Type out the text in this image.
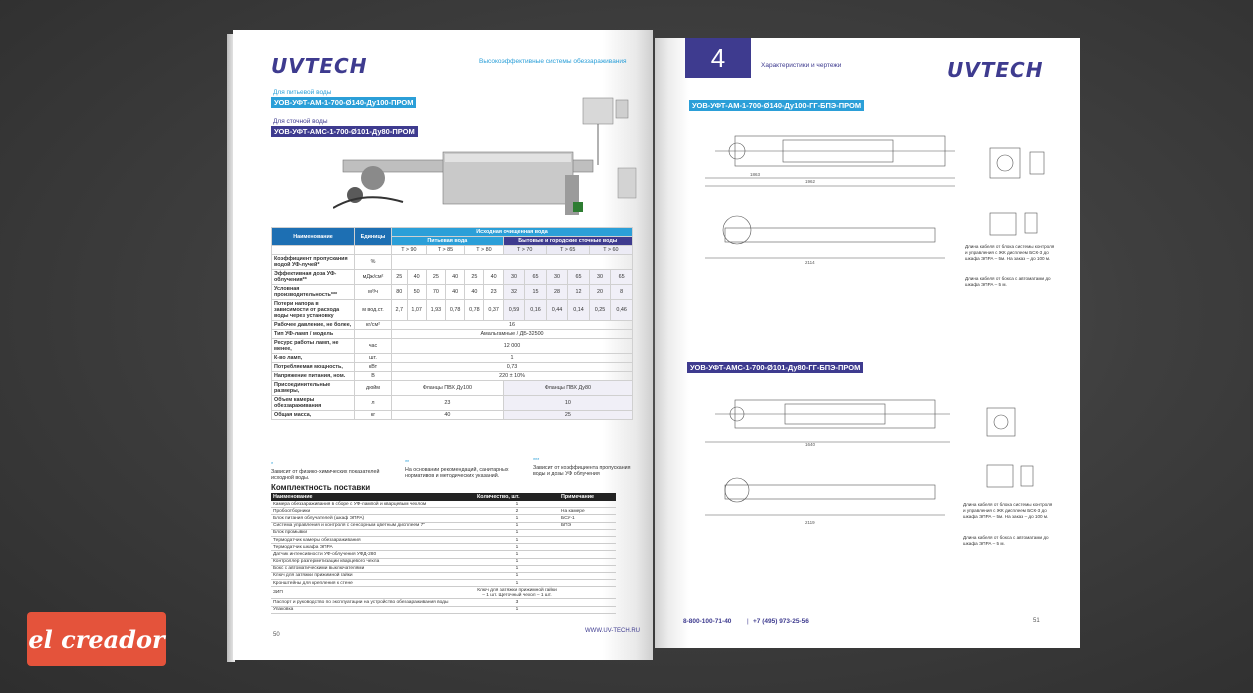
UVTECH	Высокоэффективные системы обеззараживания
Для питьевой воды
УОВ-УФТ-АМ-1-700-Ø140-Ду100-ПРОМ
Для сточной воды
УОВ-УФТ-АМС-1-700-Ø101-Ду80-ПРОМ
Наименование	Единицы	Исходная очищенная вода											
		Питьевая вода						Бытовые и городские сточные воды					
		T > 90		T > 85		T > 80		T > 70		T > 65		T > 60	
Коэффициент пропускания водой УФ-лучей*	%												
Эффективная доза УФ-облучения**	мДж/см²	25	40	25	40	25	40	30	65	30	65	30	65
Условная производительность***	м³/ч	80	50	70	40	40	23	32	15	28	12	20	8
Потери напора в зависимости от расхода воды через установку	м вод.ст.	2,7	1,07	1,93	0,78	0,78	0,37	0,59	0,16	0,44	0,14	0,25	0,46
Рабочее давление, не более,	кг/см²	16											
Тип УФ-ламп / модель		Амальгамные / ДБ-32500											
Ресурс работы ламп, не менее,	час	12 000											
К-во ламп,	шт.	1											
Потребляемая мощность,	кВт	0,73											
Напряжение питания, ном.	В	220 ± 10%											
Присоединительные размеры,	дюйм	Фланцы ПВХ Ду100						Фланцы ПВХ Ду80					
Объем камеры обеззараживания	л	23						10					
Общая масса,	кг	40						25					
*
Зависит от физико-химических показателей исходной воды.
**
На основании рекомендаций, санитарных нормативов и методических указаний.
***
Зависит от коэффициента пропускания воды и дозы УФ облучения
Комплектность поставки
Наименование	Количество, шт.	Примечание
Камера обеззараживания в сборе с УФ-лампой и кварцевым чехлом	1	
Пробоотборники	2	На камере
Блок питания облучателей (шкаф ЭПРА)	1	БСУ-1
Система управления и контроля с сенсорным цветным дисплеем 7"	1	БПЭ
Блок промывки	1	
Термодатчик камеры обеззараживания	1	
Термодатчик шкафа ЭПРА	1	
Датчик интенсивности УФ-облучения УФД-280	1	
Контроллер разгерметизации кварцевого чехла	1	
Бокс с автоматическими выключателями	1	
Ключ для затяжки прижимной гайки	1	
Кронштейны для крепления к стене	1	
ЗИП	Ключ для затяжки прижимной гайки – 1 шт. Щеточный чехол – 1 шт.	
Паспорт и руководство по эксплуатации на устройство обеззараживания воды	3	
Упаковка	1	
50
WWW.UV-TECH.RU
4	Характеристики и чертежи	UVTECH
УОВ-УФТ-АМ-1-700-Ø140-Ду100-ГГ-БПЭ-ПРОМ
1863
1962
2114
Длина кабеля от блока системы контроля и управления с ЖК дисплеем БСК-3 до шкафа ЭПРА – 5м. На заказ – до 100 м.
Длина кабеля от бокса с автоматами до шкафа ЭПРА – 5 м.
УОВ-УФТ-АМС-1-700-Ø101-Ду80-ГГ-БПЭ-ПРОМ
1640
2119
Длина кабеля от блока системы контроля и управления с ЖК дисплеем БСК-3 до шкафа ЭПРА – 5м. На заказ – до 100 м.
Длина кабеля от бокса с автоматами до шкафа ЭПРА – 5 м.
8-800-100-71-40 | +7 (495) 973-25-56	51
el creador
